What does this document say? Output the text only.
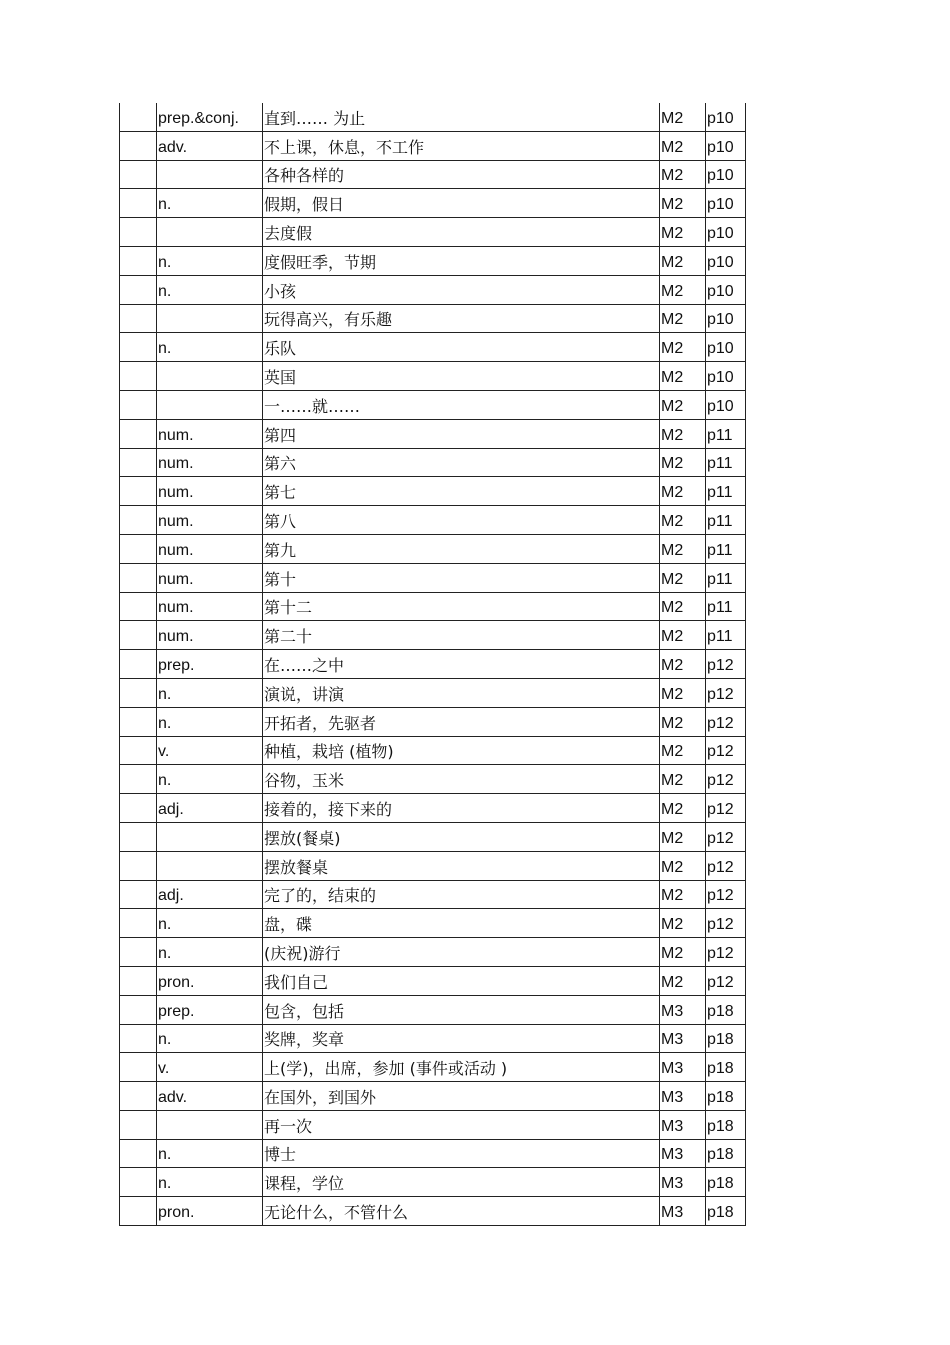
	prep.&conj.	直到…… 为止	M2	p10
	adv.	不上课，休息，不工作	M2	p10
		各种各样的	M2	p10
	n.	假期，假日	M2	p10
		去度假	M2	p10
	n.	度假旺季，节期	M2	p10
	n.	小孩	M2	p10
		玩得高兴，有乐趣	M2	p10
	n.	乐队	M2	p10
		英国	M2	p10
		一……就……	M2	p10
	num.	第四	M2	p11
	num.	第六	M2	p11
	num.	第七	M2	p11
	num.	第八	M2	p11
	num.	第九	M2	p11
	num.	第十	M2	p11
	num.	第十二	M2	p11
	num.	第二十	M2	p11
	prep.	在……之中	M2	p12
	n.	演说，讲演	M2	p12
	n.	开拓者，先驱者	M2	p12
	v.	种植，栽培 (植物)	M2	p12
	n.	谷物，玉米	M2	p12
	adj.	接着的，接下来的	M2	p12
		摆放(餐桌)	M2	p12
		摆放餐桌	M2	p12
	adj.	完了的，结束的	M2	p12
	n.	盘，碟	M2	p12
	n.	(庆祝)游行	M2	p12
	pron.	我们自己	M2	p12
	prep.	包含，包括	M3	p18
	n.	奖牌，奖章	M3	p18
	v.	上(学)，出席，参加 (事件或活动 )	M3	p18
	adv.	在国外，到国外	M3	p18
		再一次	M3	p18
	n.	博士	M3	p18
	n.	课程，学位	M3	p18
	pron.	无论什么，不管什么	M3	p18
